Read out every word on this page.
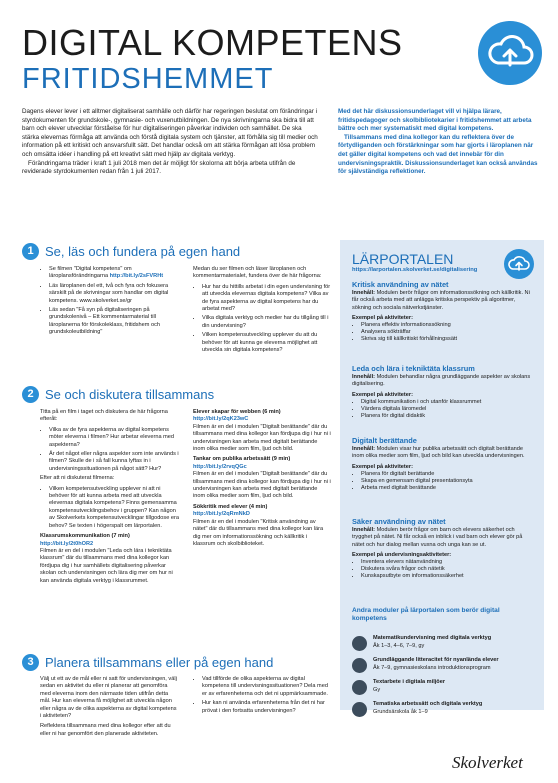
DIGITAL KOMPETENS
FRITIDSHEMMET

Dagens elever lever i ett alltmer digitaliserat samhälle och därför har regeringen beslutat om förändringar i styrdokumenten för grundskole-, gymnasie- och vuxenutbildningen. De nya skrivningarna ska bidra till att barn och elever utvecklar förståelse för hur digitaliseringen påverkar individen och samhället. De ska stärka elevernas förmåga att använda och förstå digitala system och tjänster, att förhålla sig till medier och information på ett kritiskt och ansvarsfullt sätt. Det handlar också om att stärka förmågan att lösa problem och omsätta idéer i handling på ett kreativt sätt med hjälp av digitala verktyg.

Förändringarna träder i kraft 1 juli 2018 men det är möjligt för skolorna att börja arbeta utifrån de reviderade styrdokumenten redan från 1 juli 2017.

Med det här diskussionsunderlaget vill vi hjälpa lärare, fritidspedagoger och skolbibliotekarier i fritidshemmet att arbeta bättre och mer systematiskt med digital kompetens.

Tillsammans med dina kollegor kan du reflektera över de förtydliganden och förstärkningar som har gjorts i läroplanen när det gäller digital kompetens och vad det innebär för din undervisningspraktik. Diskussionsunderlaget kan också användas för självständiga reflektioner.

1 Se, läs och fundera på egen hand
• Se filmen "Digital kompetens" om läroplansförändringarna http://bit.ly/2sFVRHt
• Läs läroplanen del ett, två och fyra och fokusera särskilt på de skrivningar som handlar om digital kompetens. www.skolverket.se/gr
• Läs sedan "Få syn på digitaliseringen på grundskolenivå – Ett kommentarmaterial till läroplanerna för förskoleklass, fritidshem och grundskoleutbildning"

Medan du ser filmen och läser läroplanen och kommentarmaterialet, fundera över de här frågorna:

• Hur har du hittills arbetat i din egen undervisning för att utveckla elevernas digitala kompetens? Vilka av de fyra aspekterna av digital kompetens har du arbetat med?
• Vilka digitala verktyg och medier har du tillgång till i din undervisning?
• Vilken kompetensutveckling upplever du att du behöver för att kunna ge eleverna möjlighet att utveckla sin digitala kompetens?
2 Se och diskutera tillsammans

Titta på en film i taget och diskutera de här frågorna efteråt:

• Vilka av de fyra aspekterna av digital kompetens möter eleverna i filmen? Hur arbetar eleverna med aspekterna?
• Är det något eller några aspekter som inte används i filmen? Skulle de i så fall kunna lyftas in i undervisningssituationen på något sätt? Hur?

Efter att ni diskuterat filmerna:

• Vilken kompetensutveckling upplever ni att ni behöver för att kunna arbeta med att utveckla elevernas digitala kompetens? Finns gemensamma kompetensutvecklingsbehov i gruppen? Kan någon av Skolverkets kompetensutvecklingar tillgodose era behov? Se texten i högerspalt om lärportalen.

Klassrumskommunikation (7 min)
http://bit.ly/2t0hOR2
Filmen är en del i modulen "Leda och lära i tekniktäta klassrum" där du tillsammans med dina kollegor kan fördjupa dig i hur samhällets digitalisering påverkar skolan och undervisningen och lära dig mer om hur ni kan använda digitala verktyg i klassrummet.

Elever skapar för webben (6 min)
http://bit.ly/2qK23wC
Filmen är en del i modulen "Digitalt berättande" där du tillsammans med dina kollegor kan fördjupa dig i hur ni i undervisningen kan arbeta med digitalt berättande inom olika medier som film, ljud och bild.

Tankar om publika arbetssätt (9 min)
http://bit.ly/2rvqQGc
Filmen är en del i modulen "Digitalt berättande" där du tillsammans med dina kollegor kan fördjupa dig i hur ni i undervisningen kan arbeta med digitalt berättande inom olika medier som film, ljud och bild.

Sökkritik med elever (4 min)
http://bit.ly/2qRmNkD
Filmen är en del i modulen "Kritisk användning av nätet" där du tillsammans med dina kollegor kan lära dig mer om informationssökning och källkritik i klassrum och skolbiblioteket.

3 Planera tillsammans eller på egen hand

Välj ut ett av de mål eller ni satt för undervisningen, välj sedan en aktivitet du eller ni planerar att genomföra med eleverna inom den närmaste tiden utifrån detta mål. Hur kan eleverna få möjlighet att utveckla någon eller några av de olika aspekterna av digital kompetens i aktiviteten?

Reflektera tillsammans med dina kollegor efter att du eller ni har genomfört den planerade aktiviteten.

• Vad tillförde de olika aspekterna av digital kompetens till undervisningssituationen? Dela med er av erfarenheterna och det ni uppmärksammade.
• Hur kan ni använda erfarenheterna från det ni har prövat i den fortsatta undervisningen?
LÄRPORTALEN
https://larportalen.skolverket.se/digitalisering
Kritisk användning av nätet

Innehåll: Modulen berör frågor om informationssökning och källkritik. Ni får också arbeta med att anlägga kritiska perspektiv på algoritmer, sökning och sociala nätverkstjänster.

Exempel på aktiviteter:

• Planera effektiv informationssökning
• Analysera sökträffar
• Skriva sig till källkritiskt förhållningssätt
Leda och lära i tekniktäta klassrum

Innehåll: Modulen behandlar några grundläggande aspekter av skolans digitalisering.

Exempel på aktiviteter:

• Digital kommunikation i och utanför klassrummet
• Värdera digitala läromedel
• Planera för digital didaktik
Digitalt berättande

Innehåll: Modulen visar hur publika arbetssätt och digitalt berättande inom olika medier som film, ljud och bild kan utveckla undervisningen.

Exempel på aktiviteter:

• Planera för digitalt berättande
• Skapa en gemensam digital presentationsyta
• Arbeta med digitalt berättande
Säker användning av nätet

Innehåll: Modulen berör frågor om barn och elevers säkerhet och trygghet på nätet. Ni får också en inblick i vad barn och elever gör på nätet och hur dialog mellan vuxna och unga kan se ut.

Exempel på undervisningsaktiviteter:

• Inventera elevers nätanvändning
• Diskutera svåra frågor och nätetik
• Kunskapsutbyte om informationssäkerhet
Andra moduler på lärportalen som berör digital kompetens
Matematikundervisning med digitala verktyg
Åk 1–3, 4–6, 7–9, gy
Grundläggande litteracitet för nyanlända elever
Åk 7–9, gymnasieskolans introduktionsprogram
Textarbete i digitala miljöer
Gy
Tematiska arbetssätt och digitala verktyg
Grundsärskola åk 1–9
Skolverket
